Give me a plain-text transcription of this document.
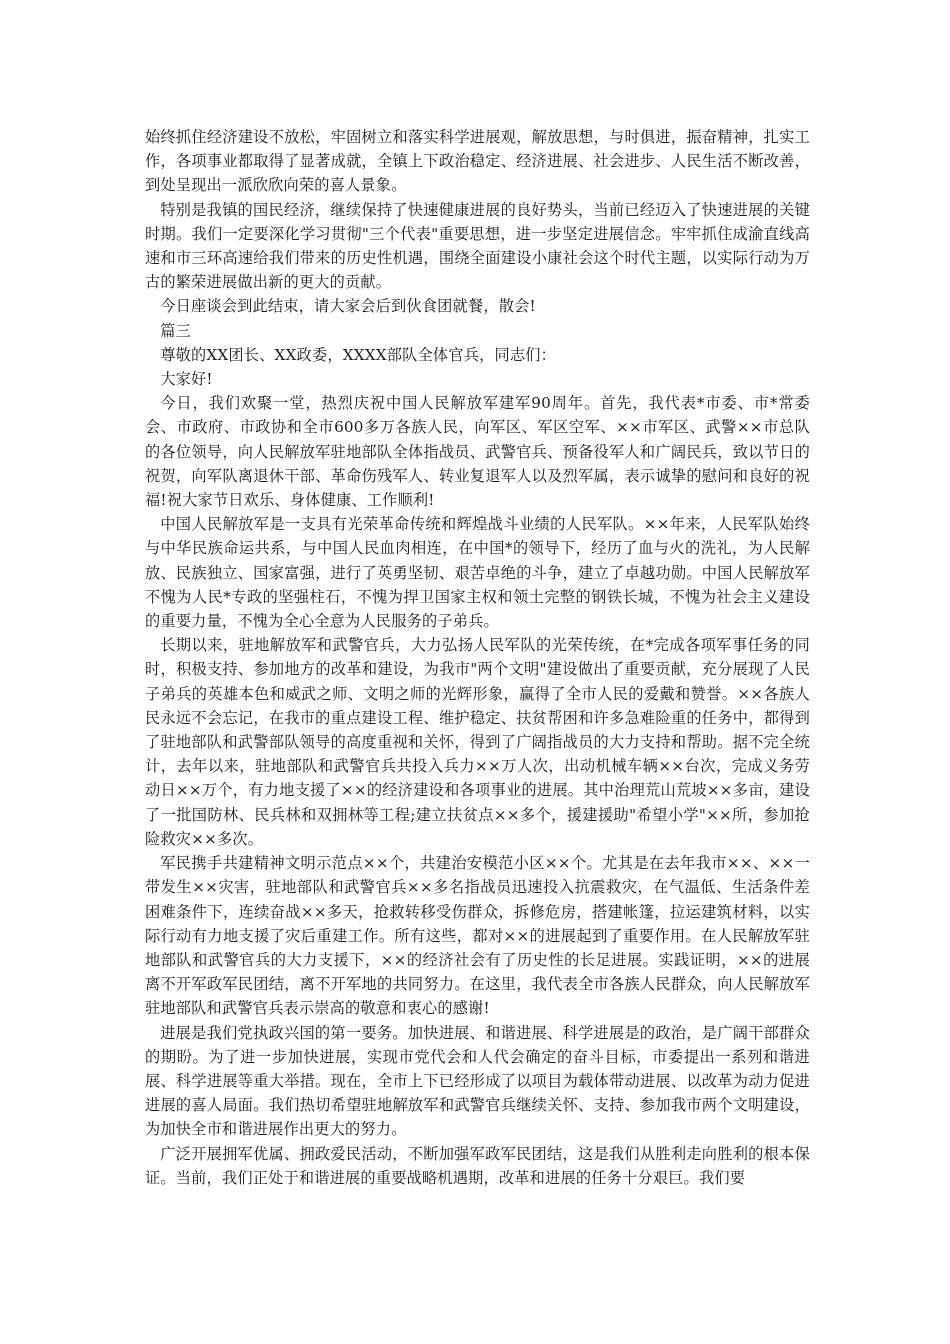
始终抓住经济建设不放松，牢固树立和落实科学进展观，解放思想，与时俱进，振奋精神，扎实工作，各项事业都取得了显著成就，全镇上下政治稳定、经济进展、社会进步、人民生活不断改善，到处呈现出一派欣欣向荣的喜人景象。

特别是我镇的国民经济，继续保持了快速健康进展的良好势头，当前已经迈入了快速进展的关键时期。我们一定要深化学习贯彻"三个代表"重要思想，进一步坚定进展信念。牢牢抓住成渝直线高速和市三环高速给我们带来的历史性机遇，围绕全面建设小康社会这个时代主题，以实际行动为万古的繁荣进展做出新的更大的贡献。

今日座谈会到此结束，请大家会后到伙食团就餐，散会!

篇三

尊敬的XX团长、XX政委，XXXX部队全体官兵，同志们：

大家好!

今日，我们欢聚一堂，热烈庆祝中国人民解放军建军90周年。首先，我代表*市委、市*常委会、市政府、市政协和全市600多万各族人民，向军区、军区空军、××市军区、武警××市总队的各位领导，向人民解放军驻地部队全体指战员、武警官兵、预备役军人和广阔民兵，致以节日的祝贺，向军队离退休干部、革命伤残军人、转业复退军人以及烈军属，表示诚挚的慰问和良好的祝福!祝大家节日欢乐、身体健康、工作顺利!

中国人民解放军是一支具有光荣革命传统和辉煌战斗业绩的人民军队。××年来，人民军队始终与中华民族命运共系，与中国人民血肉相连，在中国*的领导下，经历了血与火的洗礼，为人民解放、民族独立、国家富强，进行了英勇坚韧、艰苦卓绝的斗争，建立了卓越功勋。中国人民解放军不愧为人民*专政的坚强柱石，不愧为捍卫国家主权和领土完整的钢铁长城，不愧为社会主义建设的重要力量，不愧为全心全意为人民服务的子弟兵。

长期以来，驻地解放军和武警官兵，大力弘扬人民军队的光荣传统，在*完成各项军事任务的同时，积极支持、参加地方的改革和建设，为我市"两个文明"建设做出了重要贡献，充分展现了人民子弟兵的英雄本色和威武之师、文明之师的光辉形象，赢得了全市人民的爱戴和赞誉。××各族人民永远不会忘记，在我市的重点建设工程、维护稳定、扶贫帮困和许多急难险重的任务中，都得到了驻地部队和武警部队领导的高度重视和关怀，得到了广阔指战员的大力支持和帮助。据不完全统计，去年以来，驻地部队和武警官兵共投入兵力××万人次，出动机械车辆××台次，完成义务劳动日××万个，有力地支援了××的经济建设和各项事业的进展。其中治理荒山荒坡××多亩，建设了一批国防林、民兵林和双拥林等工程;建立扶贫点××多个，援建援助"希望小学"××所，参加抢险救灾××多次。

军民携手共建精神文明示范点××个，共建治安模范小区××个。尤其是在去年我市××、××一带发生××灾害，驻地部队和武警官兵××多名指战员迅速投入抗震救灾，在气温低、生活条件差困难条件下，连续奋战××多天，抢救转移受伤群众，拆修危房，搭建帐篷，拉运建筑材料，以实际行动有力地支援了灾后重建工作。所有这些，都对××的进展起到了重要作用。在人民解放军驻地部队和武警官兵的大力支援下，××的经济社会有了历史性的长足进展。实践证明，××的进展离不开军政军民团结，离不开军地的共同努力。在这里，我代表全市各族人民群众，向人民解放军驻地部队和武警官兵表示崇高的敬意和衷心的感谢!

进展是我们党执政兴国的第一要务。加快进展、和谐进展、科学进展是的政治，是广阔干部群众的期盼。为了进一步加快进展，实现市党代会和人代会确定的奋斗目标，市委提出一系列和谐进展、科学进展等重大举措。现在，全市上下已经形成了以项目为载体带动进展、以改革为动力促进进展的喜人局面。我们热切希望驻地解放军和武警官兵继续关怀、支持、参加我市两个文明建设，为加快全市和谐进展作出更大的努力。

广泛开展拥军优属、拥政爱民活动，不断加强军政军民团结，这是我们从胜利走向胜利的根本保证。当前，我们正处于和谐进展的重要战略机遇期，改革和进展的任务十分艰巨。我们要
